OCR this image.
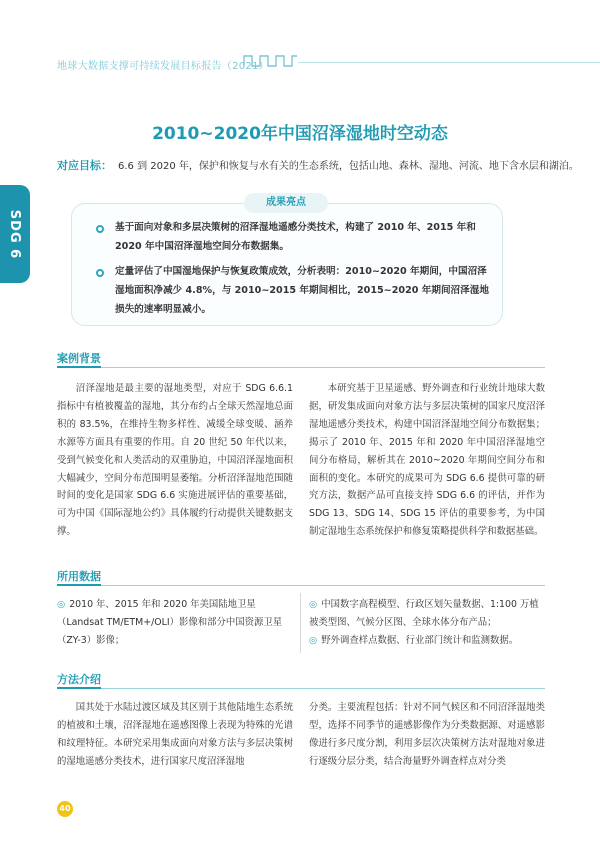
地球大数据支撑可持续发展目标报告（2021）
SDG 6
2010~2020年中国沼泽湿地时空动态
对应目标： 6.6 到 2020 年，保护和恢复与水有关的生态系统，包括山地、森林、湿地、河流、地下含水层和湖泊。
成果亮点
基于面向对象和多层决策树的沼泽湿地遥感分类技术，构建了 2010 年、2015 年和 2020 年中国沼泽湿地空间分布数据集。
定量评估了中国湿地保护与恢复政策成效，分析表明：2010~2020 年期间，中国沼泽湿地面积净减少 4.8%，与 2010~2015 年期间相比，2015~2020 年期间沼泽湿地损失的速率明显减小。
案例背景
沼泽湿地是最主要的湿地类型，对应于 SDG 6.6.1 指标中有植被覆盖的湿地，其分布约占全球天然湿地总面积的 83.5%，在维持生物多样性、减缓全球变暖、涵养水源等方面具有重要的作用。自 20 世纪 50 年代以来，受到气候变化和人类活动的双重胁迫，中国沼泽湿地面积大幅减少，空间分布范围明显萎缩。分析沼泽湿地范围随时间的变化是国家 SDG 6.6 实施进展评估的重要基础，可为中国《国际湿地公约》具体履约行动提供关键数据支撑。
本研究基于卫星遥感、野外调查和行业统计地球大数据，研发集成面向对象方法与多层决策树的国家尺度沼泽湿地遥感分类技术，构建中国沼泽湿地空间分布数据集；揭示了 2010 年、2015 年和 2020 年中国沼泽湿地空间分布格局，解析其在 2010~2020 年期间空间分布和面积的变化。本研究的成果可为 SDG 6.6 提供可靠的研究方法，数据产品可直接支持 SDG 6.6 的评估，并作为 SDG 13、SDG 14、SDG 15 评估的重要参考，为中国制定湿地生态系统保护和修复策略提供科学和数据基础。
所用数据
◎ 2010 年、2015 年和 2020 年美国陆地卫星（Landsat TM/ETM+/OLI）影像和部分中国资源卫星（ZY-3）影像；
◎ 中国数字高程模型、行政区划矢量数据、1:100 万植被类型图、气候分区图、全球水体分布产品；
◎ 野外调查样点数据、行业部门统计和监测数据。
方法介绍
国其处于水陆过渡区域及其区别于其他陆地生态系统的植被和土壤，沼泽湿地在遥感图像上表现为特殊的光谱和纹理特征。本研究采用集成面向对象方法与多层决策树的湿地遥感分类技术，进行国家尺度沼泽湿地
分类。主要流程包括：针对不同气候区和不同沼泽湿地类型，选择不同季节的遥感影像作为分类数据源、对遥感影像进行多尺度分割，利用多层次决策树方法对湿地对象进行逐级分层分类，结合海量野外调查样点对分类
40
